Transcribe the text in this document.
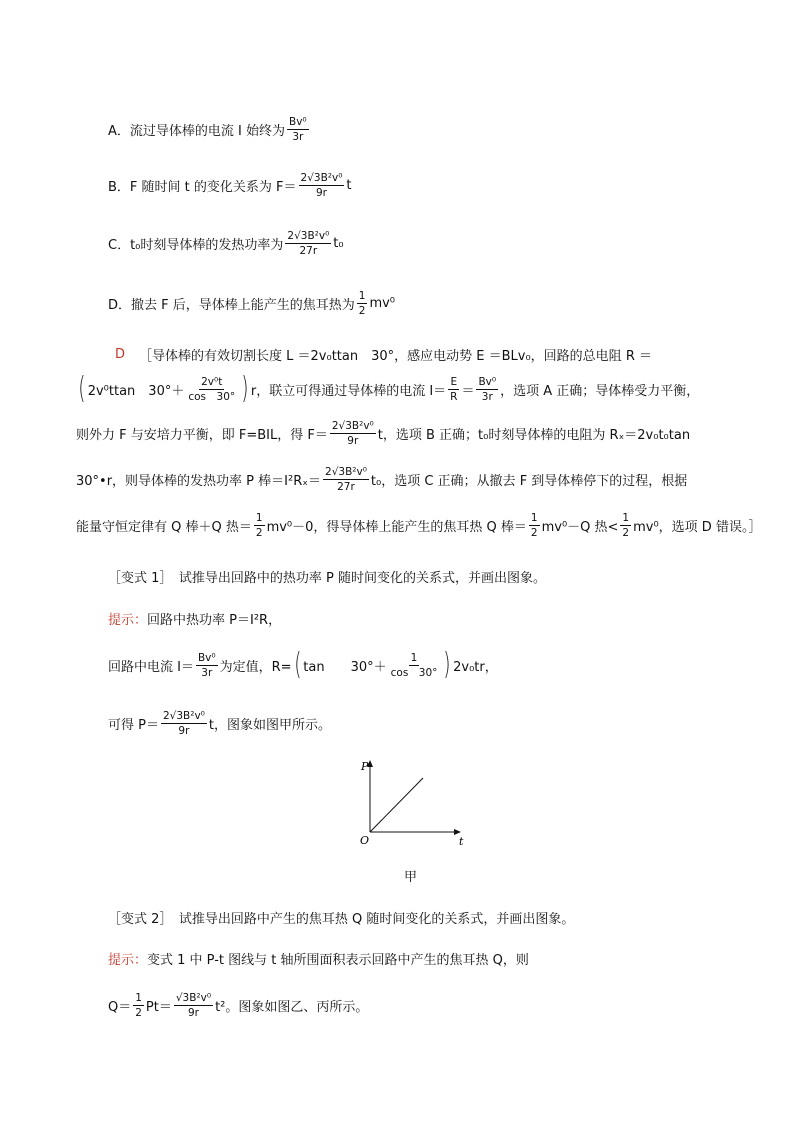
A．流过导体棒的电流 I 始终为 $\frac{\text{Bv⁰}}{3r}$
B．F 随时间 t 的变化关系为 $F= \frac{\text{2√3B²v⁰}}{9r}$ t
C．t₀时刻导体棒的发热功率为 $\frac{\text{2√3B²v⁰}}{27r} t_0$
D．撤去 F 后，导体棒上能产生的焦耳热为 $\frac{1}{2} mv^0$
D ［导体棒的有效切割长度 L ＝2v₀ttan　30°，感应电动势 E ＝BLv₀，回路的总电阻 R ＝
( 2v⁰ttan　$30^\circ+ \frac{\text{2v⁰t}}{\cos 30^\circ}$ ) r，联立可得通过导体棒的电流 $I= \frac{E}{R} = \frac{\text{Bv⁰}}{3r}$ ，选项 A 正确；导体棒受力平衡，
则外力 F 与安培力平衡，即 F=BIL，得 $F= \frac{\text{2√3B²v⁰}}{9r}$ t，选项 B 正确；t₀时刻导体棒的电阻为 Rₓ＝2v₀t₀tan
30°•r，则导体棒的发热功率 P 棒$=I^2R_x= \frac{\text{2√3B²v⁰}}{27r} t_0$，选项 C 正确；从撤去 F 到导体棒停下的过程，根据
能量守恒定律有 Q 棒＋Q 热＝ $\frac{1}{2} mv^0-0$，得导体棒上能产生的焦耳热 Q 棒＝ $\frac{1}{2} mv^0-Q$ 热< $\frac{1}{2} mv^0$，选项 D 错误。］
［变式 1］　试推导出回路中的热功率 P 随时间变化的关系式，并画出图象。
提示： 回路中热功率 P＝I²R，
回路中电流 $I= \frac{\text{Bv⁰}}{3r}$ 为定值，R= ( tan　　$30^\circ+ \frac{1}{\cos 30^\circ}$ ) 2v₀tr，
可得 $P= \frac{\text{2√3B²v⁰}}{9r}$ t，图象如图甲所示。
P
t
O
甲
［变式 2］　试推导出回路中产生的焦耳热 Q 随时间变化的关系式，并画出图象。
提示： 变式 1 中 P-t 图线与 t 轴所围面积表示回路中产生的焦耳热 Q，则
$Q= \frac{1}{2} Pt= \frac{\text{√3B²v⁰}}{9r} t^2$。图象如图乙、丙所示。
